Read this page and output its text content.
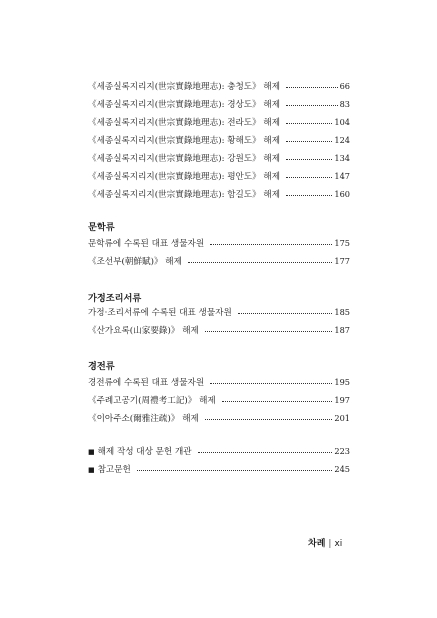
《세종실록지리지(世宗實錄地理志): 충청도》 해제	66
《세종실록지리지(世宗實錄地理志): 경상도》 해제	83
《세종실록지리지(世宗實錄地理志): 전라도》 해제	104
《세종실록지리지(世宗實錄地理志): 황해도》 해제	124
《세종실록지리지(世宗實錄地理志): 강원도》 해제	134
《세종실록지리지(世宗實錄地理志): 평안도》 해제	147
《세종실록지리지(世宗實錄地理志): 함길도》 해제	160
문학류
문학류에 수록된 대표 생물자원	175
《조선부(朝鮮賦)》 해제	177
가정조리서류
가정·조리서류에 수록된 대표 생물자원	185
《산가요록(山家要錄)》 해제	187
경전류
경전류에 수록된 대표 생물자원	195
《주례고공기(周禮考工記)》 해제	197
《이아주소(爾雅注疏)》 해제	201
■ 해제 작성 대상 문헌 개관	223
■ 참고문헌	245
차례 | xi
